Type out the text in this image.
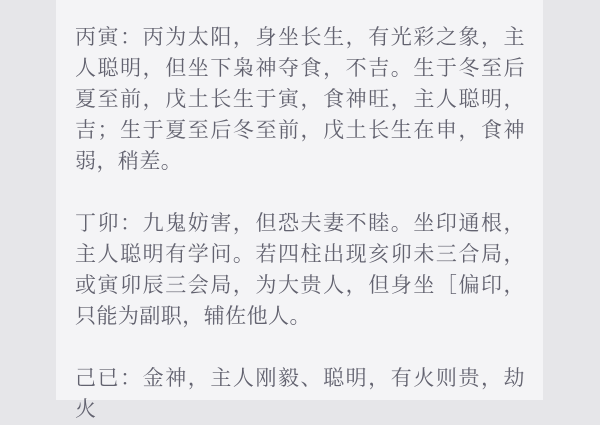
丙寅：丙为太阳，身坐长生，有光彩之象，主人聪明，但坐下枭神夺食，不吉。生于冬至后夏至前，戊土长生于寅，食神旺，主人聪明，吉；生于夏至后冬至前，戊土长生在申，食神弱，稍差。

丁卯：九鬼妨害，但恐夫妻不睦。坐印通根，主人聪明有学问。若四柱出现亥卯未三合局，或寅卯辰三会局，为大贵人，但身坐［偏印，只能为副职，辅佐他人。

己已：金神，主人刚毅、聪明，有火则贵，劫火
